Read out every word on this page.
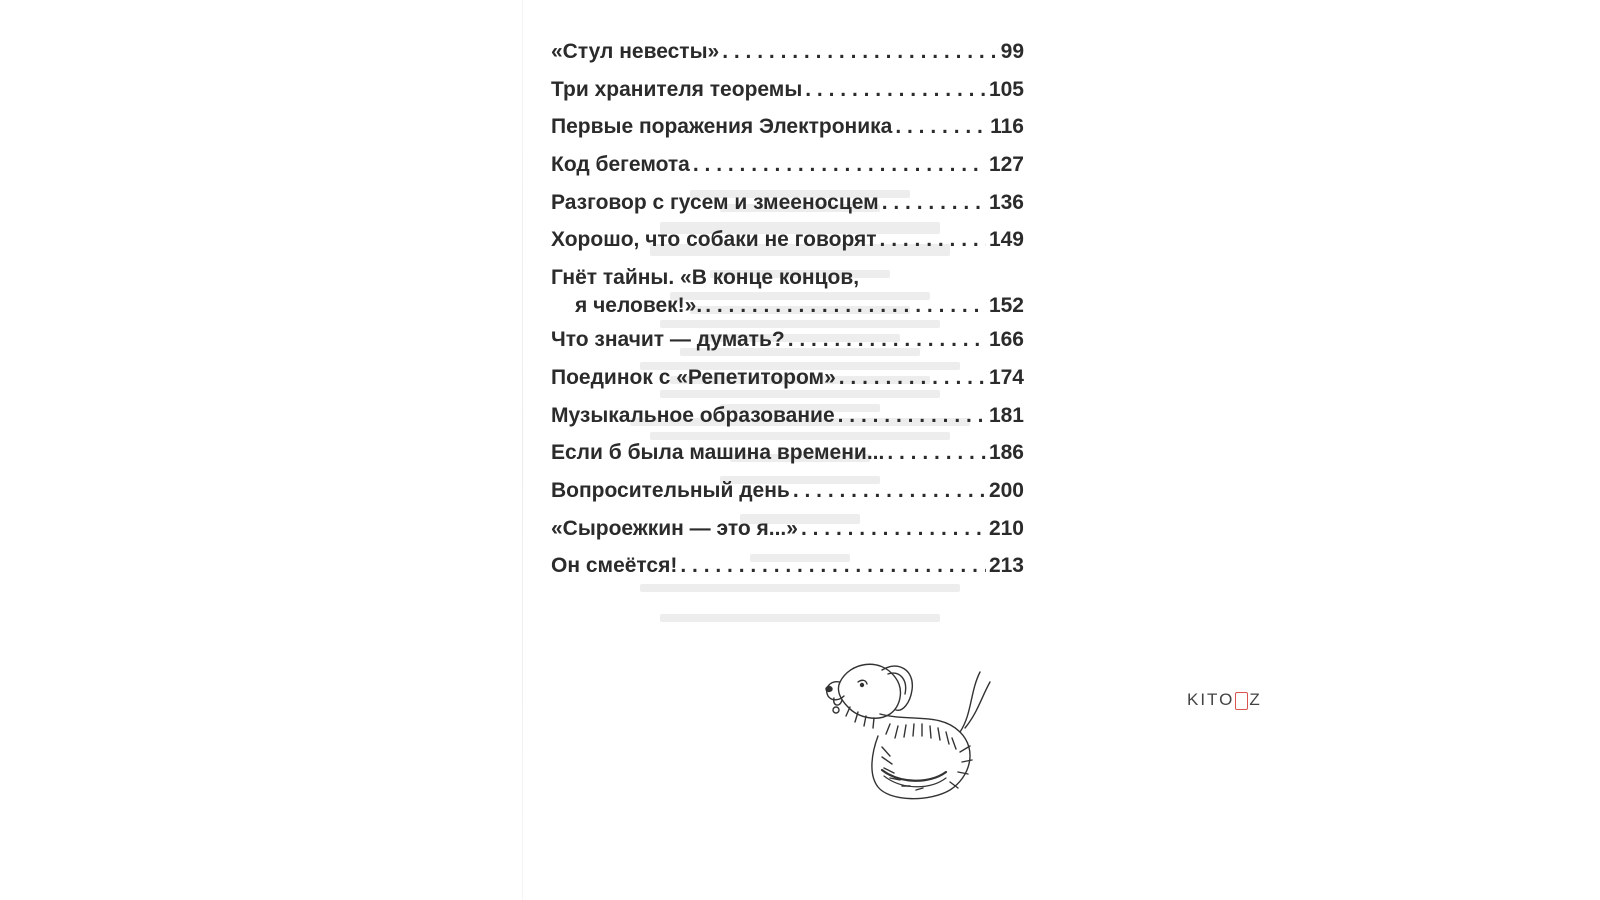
«Стул невесты» . . .	99
Три хранителя теоремы . . .	105
Первые поражения Электроника . . .	116
Код бегемота . . .	127
Разговор с гусем и змееносцем . . .	136
Хорошо, что собаки не говорят . . .	149
Гнёт тайны. «В конце концов,
я человек!». . . .	152
Что значит — думать? . . .	166
Поединок с «Репетитором» . . .	174
Музыкальное образование . . .	181
Если б была машина времени... . . .	186
Вопросительный день . . .	200
«Сыроежкин — это я...» . . .	210
Он смеётся! . . .	213
KITO Z
